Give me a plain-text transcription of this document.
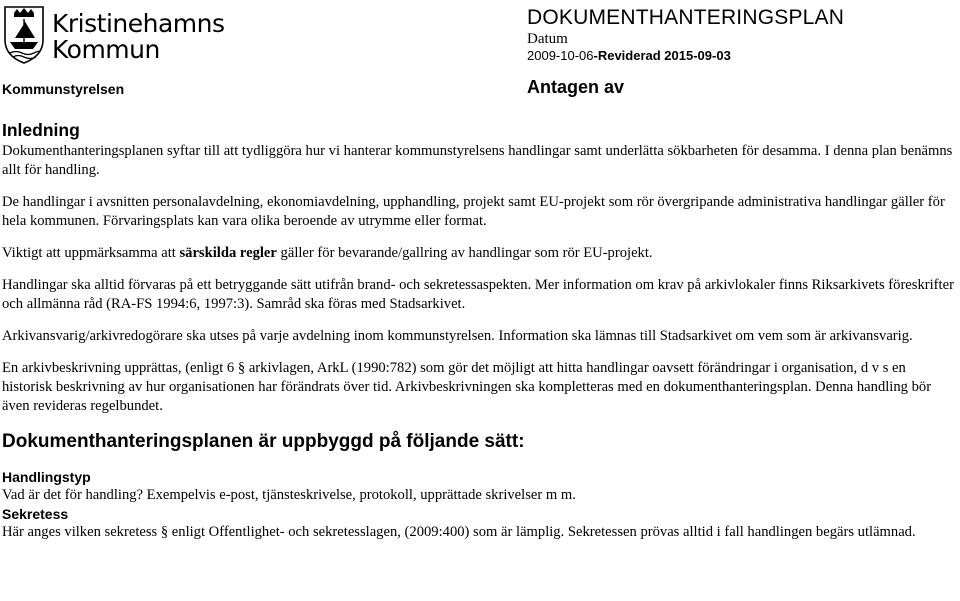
Kristinehamns
Kommun
Kommunstyrelsen
DOKUMENTHANTERINGSPLAN
Datum
2009-10-06-Reviderad 2015-09-03
Antagen av
Inledning

Dokumenthanteringsplanen syftar till att tydliggöra hur vi hanterar kommunstyrelsens handlingar samt underlätta sökbarheten för desamma. I denna plan benämns allt för handling.

De handlingar i avsnitten personalavdelning, ekonomiavdelning, upphandling, projekt samt EU-projekt som rör övergripande administrativa handlingar gäller för hela kommunen. Förvaringsplats kan vara olika beroende av utrymme eller format.

Viktigt att uppmärksamma att särskilda regler gäller för bevarande/gallring av handlingar som rör EU-projekt.

Handlingar ska alltid förvaras på ett betryggande sätt utifrån brand- och sekretessaspekten. Mer information om krav på arkivlokaler finns Riksarkivets föreskrifter och allmänna råd (RA-FS 1994:6, 1997:3). Samråd ska föras med Stadsarkivet.

Arkivansvarig/arkivredogörare ska utses på varje avdelning inom kommunstyrelsen. Information ska lämnas till Stadsarkivet om vem som är arkivansvarig.

En arkivbeskrivning upprättas, (enligt 6 § arkivlagen, ArkL (1990:782) som gör det möjligt att hitta handlingar oavsett förändringar i organisation, d v s en historisk beskrivning av hur organisationen har förändrats över tid. Arkivbeskrivningen ska kompletteras med en dokumenthanteringsplan. Denna handling bör även revideras regelbundet.

Dokumenthanteringsplanen är uppbyggd på följande sätt:
Handlingstyp

Vad är det för handling? Exempelvis e-post, tjänsteskrivelse, protokoll, upprättade skrivelser m m.

Sekretess

Här anges vilken sekretess § enligt Offentlighet- och sekretesslagen, (2009:400) som är lämplig. Sekretessen prövas alltid i fall handlingen begärs utlämnad.
